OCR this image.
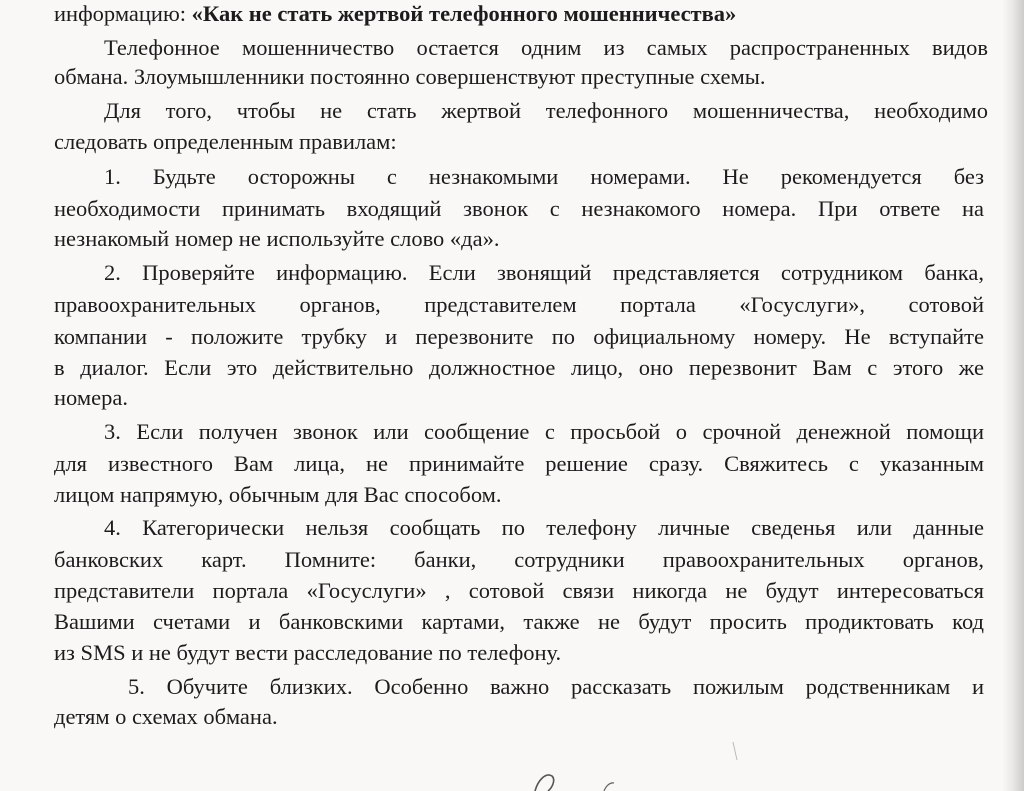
информацию: «Как не стать жертвой телефонного мошенничества»
Телефонное мошенничество остается одним из самых распространенных видов
обмана. Злоумышленники постоянно совершенствуют преступные схемы.
Для того, чтобы не стать жертвой телефонного мошенничества, необходимо
следовать определенным правилам:
1. Будьте осторожны с незнакомыми номерами. Не рекомендуется без
необходимости принимать входящий звонок с незнакомого номера. При ответе на
незнакомый номер не используйте слово «да».
2. Проверяйте информацию. Если звонящий представляется сотрудником банка,
правоохранительных органов, представителем портала «Госуслуги», сотовой
компании - положите трубку и перезвоните по официальному номеру. Не вступайте
в диалог. Если это действительно должностное лицо, оно перезвонит Вам с этого же
номера.
3. Если получен звонок или сообщение с просьбой о срочной денежной помощи
для известного Вам лица, не принимайте решение сразу. Свяжитесь с указанным
лицом напрямую, обычным для Вас способом.
4. Категорически нельзя сообщать по телефону личные сведенья или данные
банковских карт. Помните: банки, сотрудники правоохранительных органов,
представители портала «Госуслуги» , сотовой связи никогда не будут интересоваться
Вашими счетами и банковскими картами, также не будут просить продиктовать код
из SMS и не будут вести расследование по телефону.
5. Обучите близких. Особенно важно рассказать пожилым родственникам и
детям о схемах обмана.
